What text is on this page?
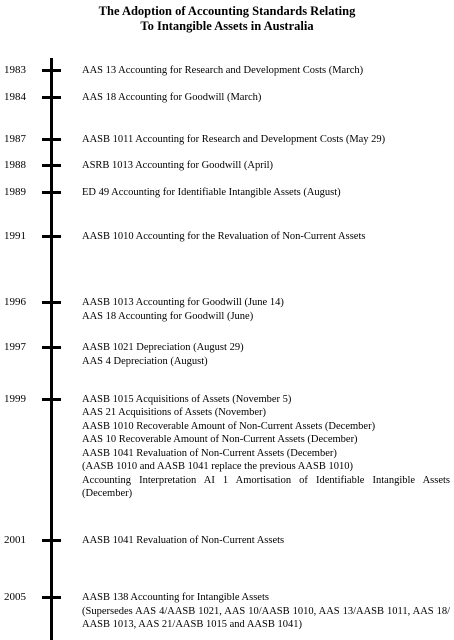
The Adoption of Accounting Standards Relating
To Intangible Assets in Australia
1983	AAS 13 Accounting for Research and Development Costs (March)
1984	AAS 18 Accounting for Goodwill (March)
1987	AASB 1011 Accounting for Research and Development Costs (May 29)
1988	ASRB 1013 Accounting for Goodwill (April)
1989	ED 49 Accounting for Identifiable Intangible Assets (August)
1991	AASB 1010 Accounting for the Revaluation of Non-Current Assets
1996	AASB 1013 Accounting for Goodwill (June 14)
AAS 18 Accounting for Goodwill (June)
1997	AASB 1021 Depreciation (August 29)
AAS 4 Depreciation (August)
1999	AASB 1015 Acquisitions of Assets (November 5)
AAS 21 Acquisitions of Assets (November)
AASB 1010 Recoverable Amount of Non-Current Assets (December)
AAS 10 Recoverable Amount of Non-Current Assets (December)
AASB 1041 Revaluation of Non-Current Assets (December)
(AASB 1010 and AASB 1041 replace the previous AASB 1010)
Accounting Interpretation AI 1 Amortisation of Identifiable Intangible Assets (December)
2001	AASB 1041 Revaluation of Non-Current Assets
2005	AASB 138 Accounting for Intangible Assets
(Supersedes AAS 4/AASB 1021, AAS 10/AASB 1010, AAS 13/AASB 1011, AAS 18/ AASB 1013, AAS 21/AASB 1015 and AASB 1041)
